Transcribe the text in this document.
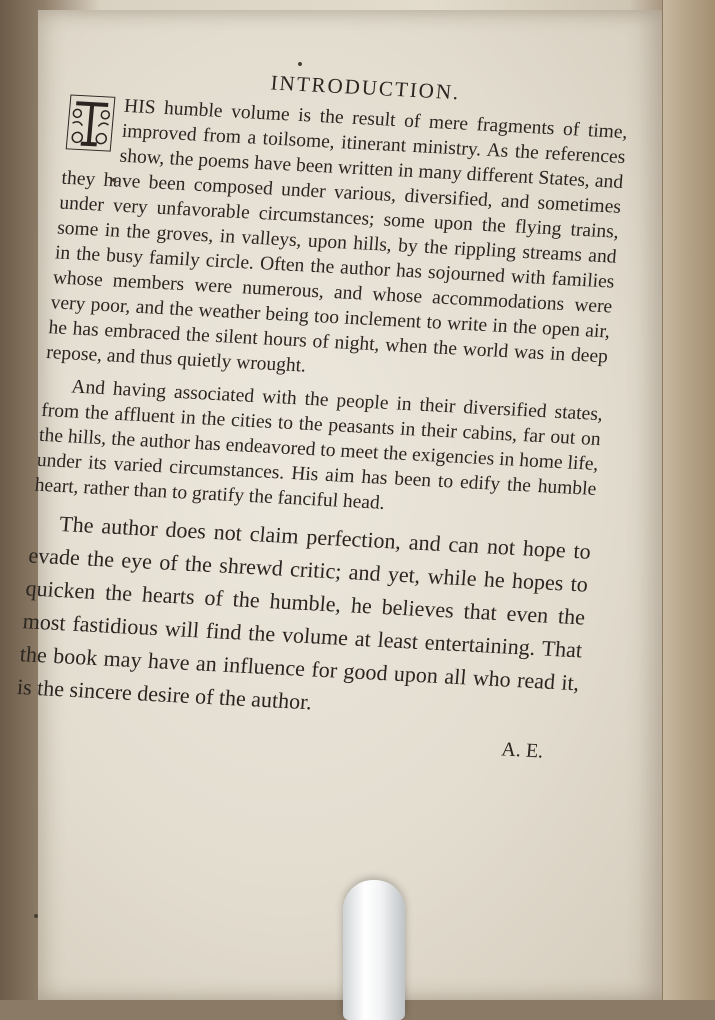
INTRODUCTION.

HIS humble volume is the result of mere fragments of time, improved from a toilsome, itinerant ministry. As the references show, the poems have been written in many different States, and they have been composed under various, diversified, and sometimes under very unfavorable circumstances; some upon the flying trains, some in the groves, in valleys, upon hills, by the rippling streams and in the busy family circle. Often the author has sojourned with families whose members were numerous, and whose accommodations were very poor, and the weather being too inclement to write in the open air, he has embraced the silent hours of night, when the world was in deep repose, and thus quietly wrought.

And having associated with the people in their diversified states, from the affluent in the cities to the peasants in their cabins, far out on the hills, the author has endeavored to meet the exigencies in home life, under its varied circumstances. His aim has been to edify the humble heart, rather than to gratify the fanciful head.

The author does not claim perfection, and can not hope to evade the eye of the shrewd critic; and yet, while he hopes to quicken the hearts of the humble, he believes that even the most fastidious will find the volume at least entertaining. That the book may have an influence for good upon all who read it, is the sincere desire of the author.

A. E.
